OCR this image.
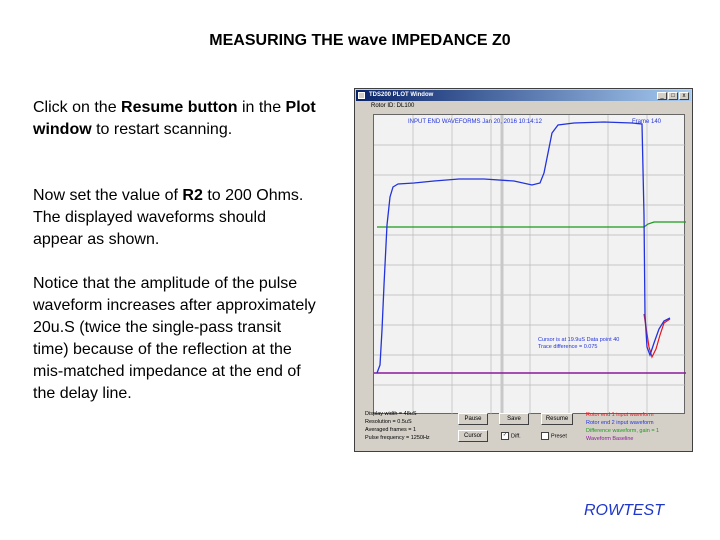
MEASURING THE wave IMPEDANCE Z0
Click on the Resume button in the Plot window to restart scanning.
Now set the value of R2 to 200 Ohms. The displayed waveforms should appear as shown.
Notice that the amplitude of the pulse waveform increases after approximately 20u.S (twice the single-pass transit time) because of the reflection at the mis-matched impedance at the end of the delay line.
ROWTEST
TDS200 PLOT Window	_	□	x
Rotor ID: DL100
INPUT END WAVEFORMS Jan 20, 2016 10:14:12	Frame 140
Cursor is at 19.9uS Data point 40
Trace difference = 0.075
Display width = 48uS
Resolution = 0.5uS
Averaged frames = 1
Pulse frequency = 1250Hz
Pause	Save	Resume
Cursor	✓ Diff.	Preset
Rotor end 1 input waveform
Rotor end 2 input waveform
Difference waveform, gain = 1
Waveform Baseline
